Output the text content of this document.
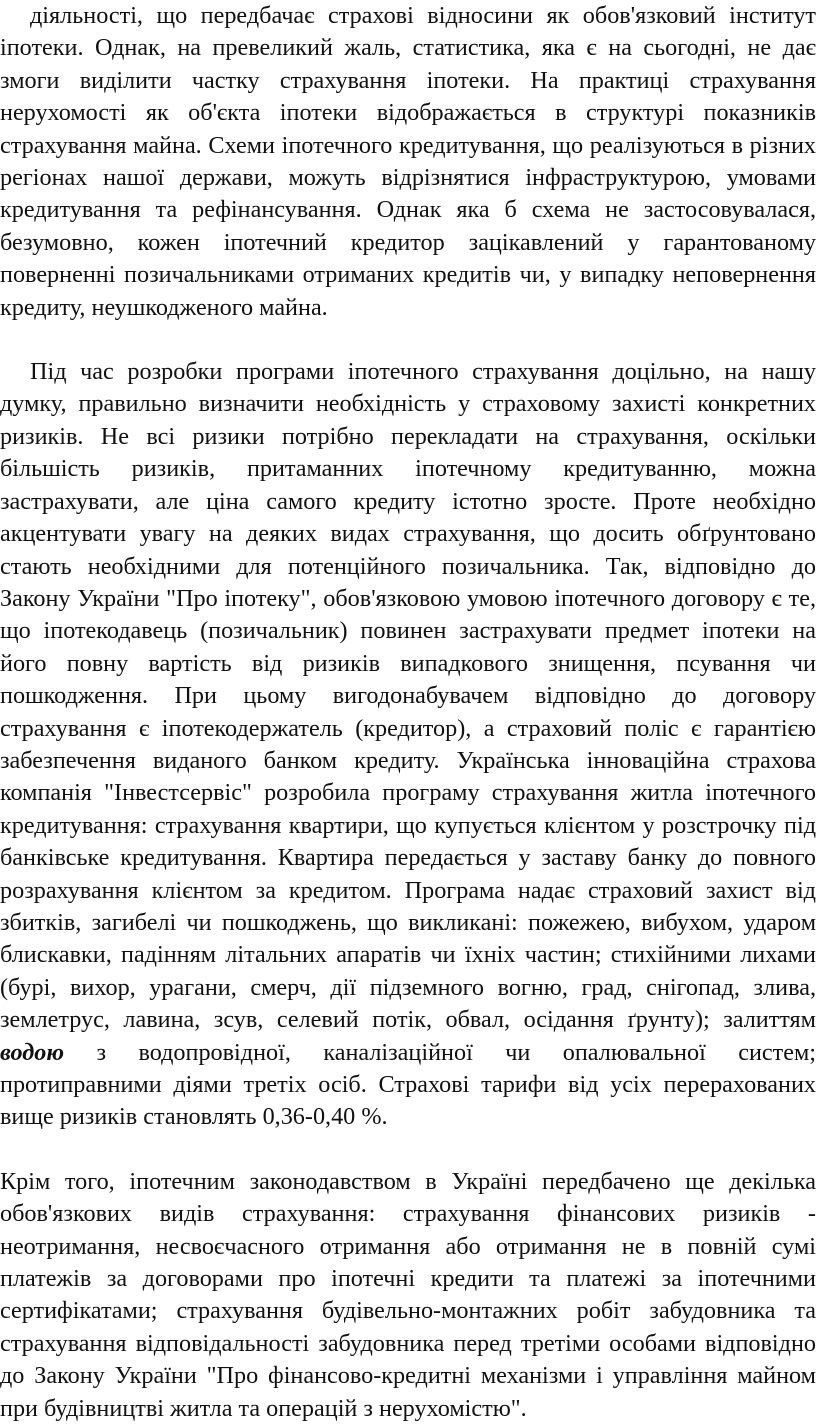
діяльності, що передбачає страхові відносини як обов'язковий інститут іпотеки. Однак, на превеликий жаль, статистика, яка є на сьогодні, не дає змоги виділити частку страхування іпотеки. На практиці страхування нерухомості як об'єкта іпотеки відображається в структурі показників страхування майна. Схеми іпотечного кредитування, що реалізуються в різних регіонах нашої держави, можуть відрізнятися інфраструктурою, умовами кредитування та рефінансування. Однак яка б схема не застосовувалася, безумовно, кожен іпотечний кредитор зацікавлений у гарантованому поверненні позичальниками отриманих кредитів чи, у випадку неповернення кредиту, неушкодженого майна.

Під час розробки програми іпотечного страхування доцільно, на нашу думку, правильно визначити необхідність у страховому захисті конкретних ризиків. Не всі ризики потрібно перекладати на страхування, оскільки більшість ризиків, притаманних іпотечному кредитуванню, можна застрахувати, але ціна самого кредиту істотно зросте. Проте необхідно акцентувати увагу на деяких видах страхування, що досить обґрунтовано стають необхідними для потенційного позичальника. Так, відповідно до Закону України "Про іпотеку", обов'язковою умовою іпотечного договору є те, що іпотекодавець (позичальник) повинен застрахувати предмет іпотеки на його повну вартість від ризиків випадкового знищення, псування чи пошкодження. При цьому вигодонабувачем відповідно до договору страхування є іпотекодержатель (кредитор), а страховий поліс є гарантією забезпечення виданого банком кредиту. Українська інноваційна страхова компанія "Інвестсервіс" розробила програму страхування житла іпотечного кредитування: страхування квартири, що купується клієнтом у розстрочку під банківське кредитування. Квартира передається у заставу банку до повного розрахування клієнтом за кредитом. Програма надає страховий захист від збитків, загибелі чи пошкоджень, що викликані: пожежею, вибухом, ударом блискавки, падінням літальних апаратів чи їхніх частин; стихійними лихами (бурі, вихор, урагани, смерч, дії підземного вогню, град, снігопад, злива, землетрус, лавина, зсув, селевий потік, обвал, осідання ґрунту); залиттям водою з водопровідної, каналізаційної чи опалювальної систем; протиправними діями третіх осіб. Страхові тарифи від усіх перерахованих вище ризиків становлять 0,36-0,40 %.

Крім того, іпотечним законодавством в Україні передбачено ще декілька обов'язкових видів страхування: страхування фінансових ризиків - неотримання, несвоєчасного отримання або отримання не в повній сумі платежів за договорами про іпотечні кредити та платежі за іпотечними сертифікатами; страхування будівельно-монтажних робіт забудовника та страхування відповідальності забудовника перед третіми особами відповідно до Закону України "Про фінансово-кредитні механізми і управління майном при будівництві житла та операцій з нерухомістю".
